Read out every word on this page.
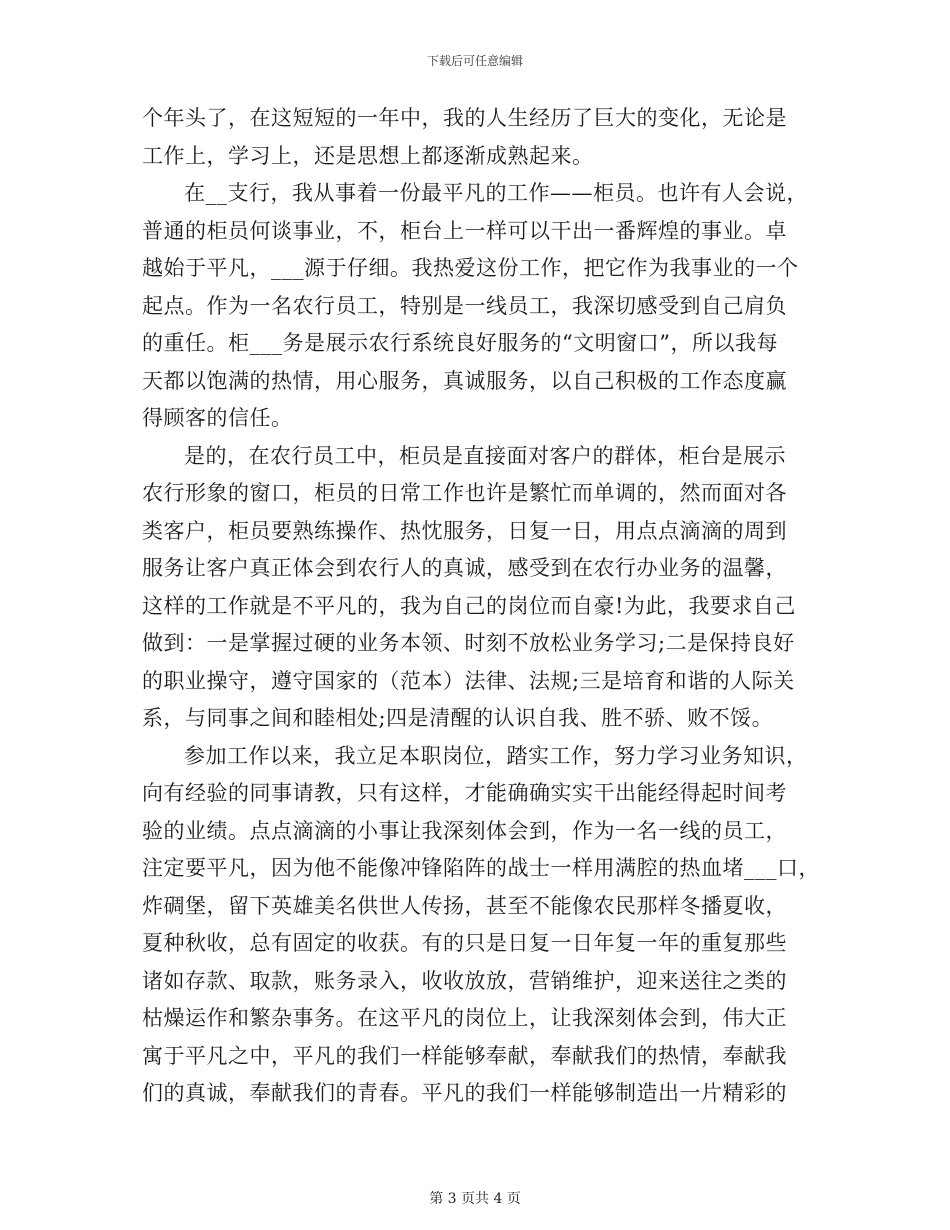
下载后可任意编辑
个年头了，在这短短的一年中，我的人生经历了巨大的变化，无论是
工作上，学习上，还是思想上都逐渐成熟起来。
在__支行，我从事着一份最平凡的工作——柜员。也许有人会说，
普通的柜员何谈事业，不，柜台上一样可以干出一番辉煌的事业。卓
越始于平凡，___源于仔细。我热爱这份工作，把它作为我事业的一个
起点。作为一名农行员工，特别是一线员工，我深切感受到自己肩负
的重任。柜___务是展示农行系统良好服务的“文明窗口”，所以我每
天都以饱满的热情，用心服务，真诚服务，以自己积极的工作态度赢
得顾客的信任。
是的，在农行员工中，柜员是直接面对客户的群体，柜台是展示
农行形象的窗口，柜员的日常工作也许是繁忙而单调的，然而面对各
类客户，柜员要熟练操作、热忱服务，日复一日，用点点滴滴的周到
服务让客户真正体会到农行人的真诚，感受到在农行办业务的温馨，
这样的工作就是不平凡的，我为自己的岗位而自豪!为此，我要求自己
做到：一是掌握过硬的业务本领、时刻不放松业务学习;二是保持良好
的职业操守，遵守国家的（范本）法律、法规;三是培育和谐的人际关
系，与同事之间和睦相处;四是清醒的认识自我、胜不骄、败不馁。
参加工作以来，我立足本职岗位，踏实工作，努力学习业务知识，
向有经验的同事请教，只有这样，才能确确实实干出能经得起时间考
验的业绩。点点滴滴的小事让我深刻体会到，作为一名一线的员工，
注定要平凡，因为他不能像冲锋陷阵的战士一样用满腔的热血堵___口，
炸碉堡，留下英雄美名供世人传扬，甚至不能像农民那样冬播夏收，
夏种秋收，总有固定的收获。有的只是日复一日年复一年的重复那些
诸如存款、取款，账务录入，收收放放，营销维护，迎来送往之类的
枯燥运作和繁杂事务。在这平凡的岗位上，让我深刻体会到，伟大正
寓于平凡之中，平凡的我们一样能够奉献，奉献我们的热情，奉献我
们的真诚，奉献我们的青春。平凡的我们一样能够制造出一片精彩的
第 3 页共 4 页
